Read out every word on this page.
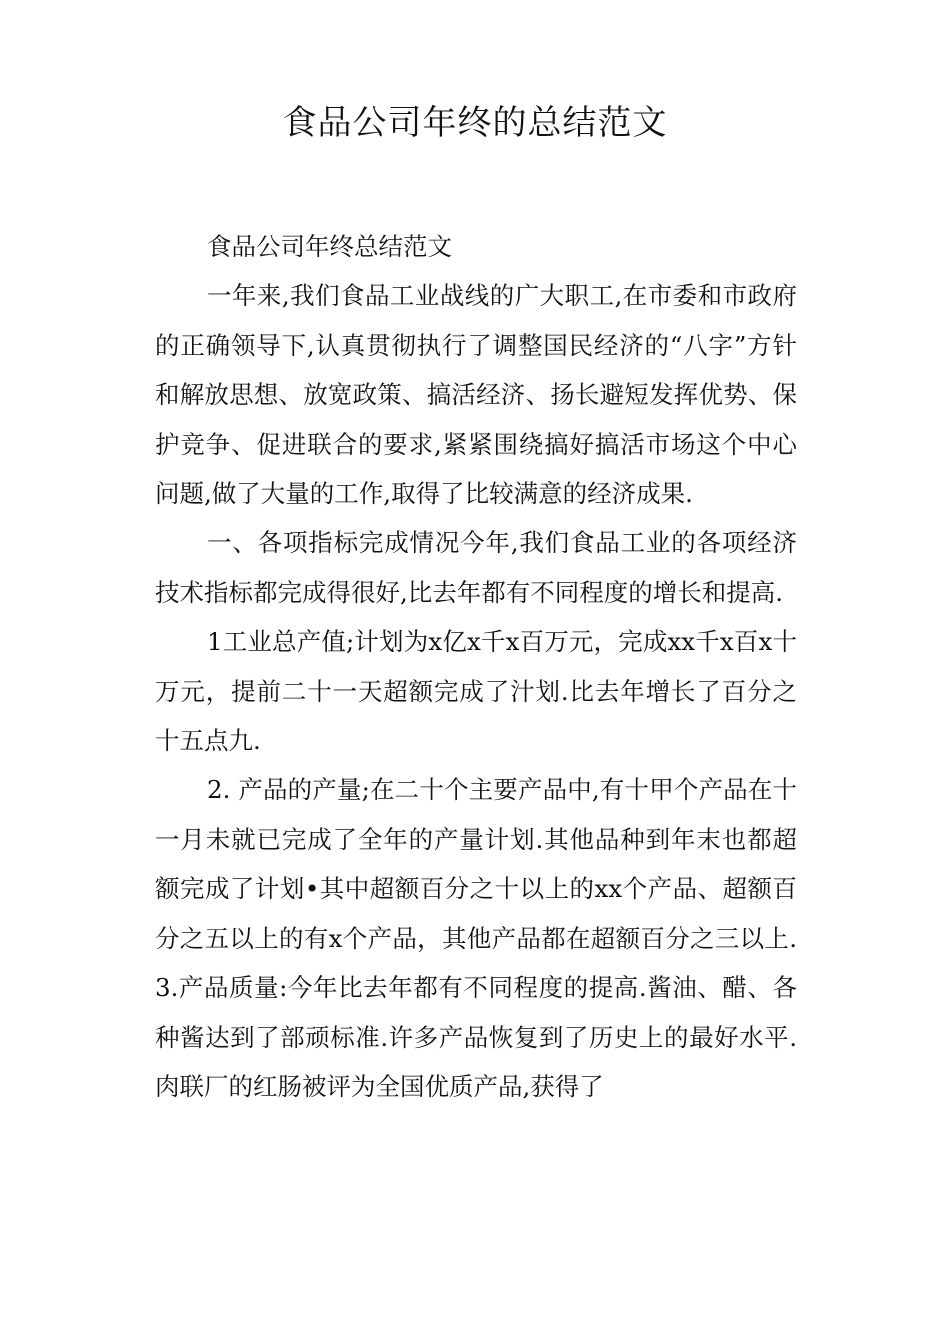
食品公司年终的总结范文

食品公司年终总结范文

一年来,我们食品工业战线的广大职工,在市委和市政府的正确领导下,认真贯彻执行了调整国民经济的“八字”方针和解放思想、放宽政策、搞活经济、扬长避短发挥优势、保护竞争、促进联合的要求,紧紧围绕搞好搞活市场这个中心问题,做了大量的工作,取得了比较满意的经济成果.

一、各项指标完成情况今年,我们食品工业的各项经济技术指标都完成得很好,比去年都有不同程度的增长和提高.

1工业总产值;计划为x亿x千x百万元，完成xx千x百x十万元，提前二十一天超额完成了汁划.比去年增长了百分之十五点九.

2. 产品的产量;在二十个主要产品中,有十甲个产品在十一月未就已完成了全年的产量计划.其他品种到年末也都超额完成了计划•其中超额百分之十以上的xx个产品、超额百分之五以上的有x个产品，其他产品都在超额百分之三以上.3.产品质量:今年比去年都有不同程度的提高.酱油、醋、各种酱达到了部顽标准.许多产品恢复到了历史上的最好水平.肉联厂的红肠被评为全国优质产品,获得了
